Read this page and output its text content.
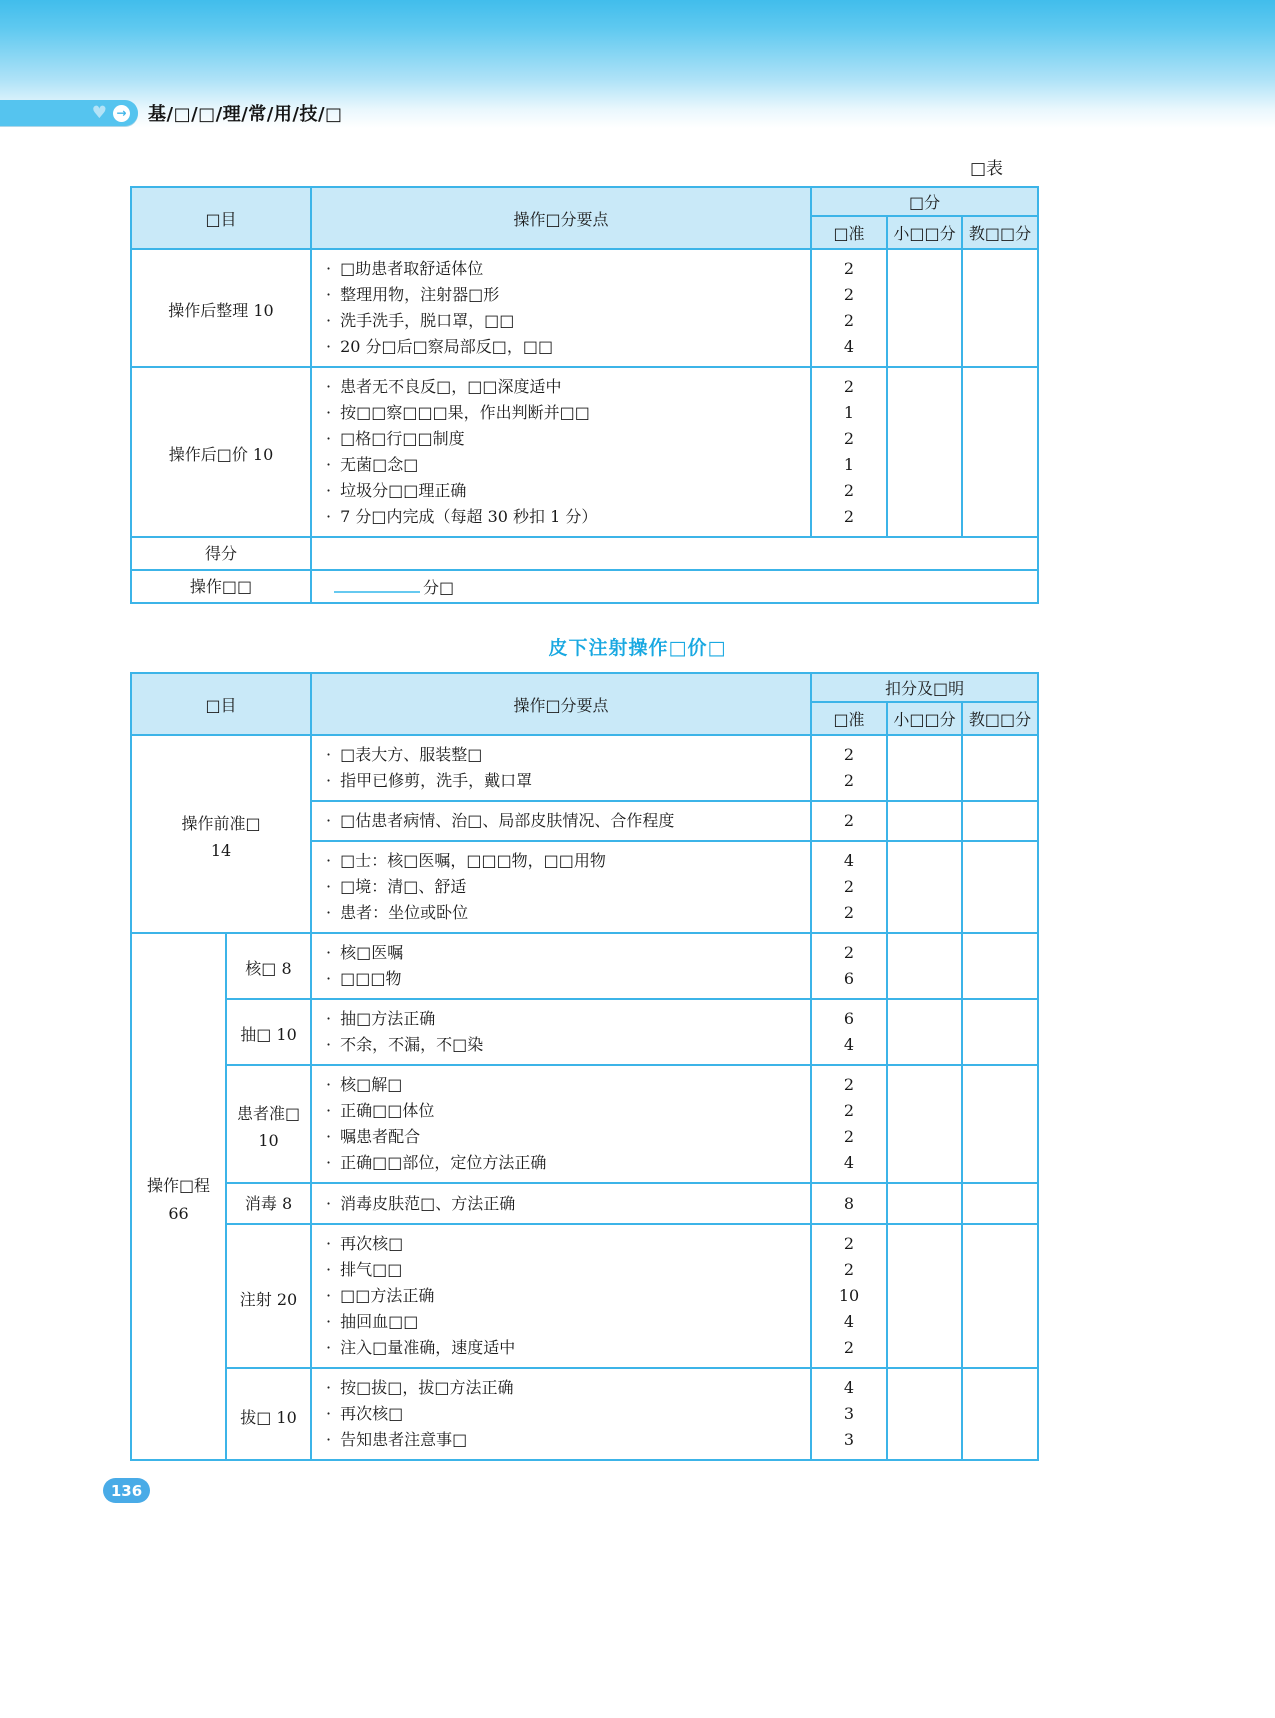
♥ → 基/□/□/理/常/用/技/□
□表
□目	操作□分要点	□分		
		□准	小□□分	教□□分

操作后整理 10	· □助患者取舒适体位	2		
	· 整理用物，注射器□形	2		
	· 洗手洗手，脱口罩，□□	2		
	· 20 分□后□察局部反□，□□	4		

操作后□价 10	· 患者无不良反□，□□深度适中	2		
	· 按□□察□□□果，作出判断并□□	1		
	· □格□行□□制度	2		
	· 无菌□念□	1		
	· 垃圾分□□理正确	2		
	· 7 分□内完成（每超 30 秒扣 1 分）	2		
得分				
操作□□	分□			
皮下注射操作□价□
□目		操作□分要点	扣分及□明		
			□准	小□□分	教□□分

操作前准□
14		· □表大方、服装整□	2		
		· 指甲已修剪，洗手，戴口罩	2		
		· □估患者病情、治□、局部皮肤情况、合作程度	2		
		· □士：核□医嘱，□□□物，□□用物	4		
		· □境：清□、舒适	2		
		· 患者：坐位或卧位	2		

操作□程
66	核□ 8	· 核□医嘱	2		
		· □□□物	6		
	抽□ 10	· 抽□方法正确	6		
		· 不余，不漏，不□染	4		
	患者准□ 10	· 核□解□	2		
		· 正确□□体位	2		
		· 嘱患者配合	2		
		· 正确□□部位，定位方法正确	4		
	消毒 8	· 消毒皮肤范□、方法正确	8		
	注射 20	· 再次核□	2		
		· 排气□□	2		
		· □□方法正确	10		
		· 抽回血□□	4		
		· 注入□量准确，速度适中	2		
	拔□ 10	· 按□拔□，拔□方法正确	4		
		· 再次核□	3		
		· 告知患者注意事□	3		
136
